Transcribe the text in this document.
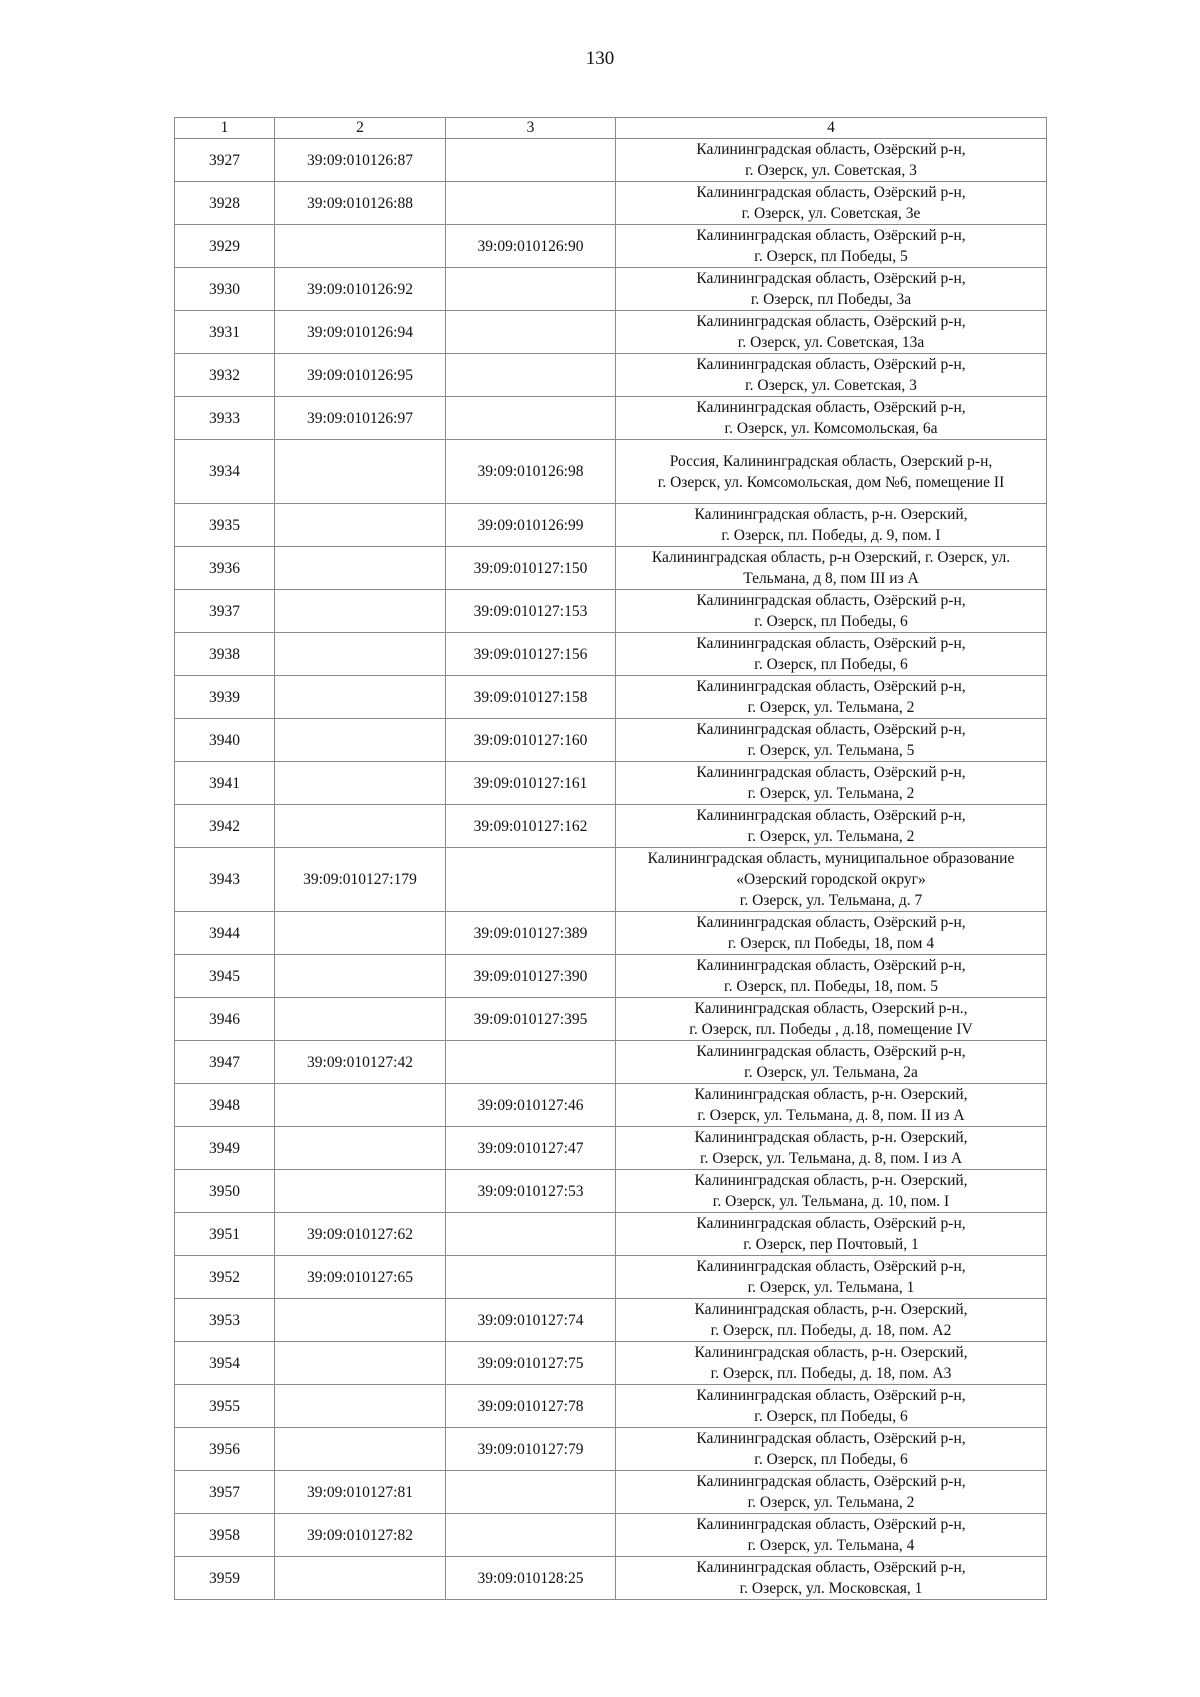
130
1	2	3	4
3927	39:09:010126:87		Калининградская область, Озёрский р-н,
г. Озерск, ул. Советская, 3

3928	39:09:010126:88		Калининградская область, Озёрский р-н,
г. Озерск, ул. Советская, 3е

3929		39:09:010126:90	Калининградская область, Озёрский р-н,
г. Озерск, пл Победы, 5

3930	39:09:010126:92		Калининградская область, Озёрский р-н,
г. Озерск, пл Победы, 3а

3931	39:09:010126:94		Калининградская область, Озёрский р-н,
г. Озерск, ул. Советская, 13а

3932	39:09:010126:95		Калининградская область, Озёрский р-н,
г. Озерск, ул. Советская, 3

3933	39:09:010126:97		Калининградская область, Озёрский р-н,
г. Озерск, ул. Комсомольская, 6а

3934		39:09:010126:98	Россия, Калининградская область, Озерский р-н,
г. Озерск, ул. Комсомольская, дом №6, помещение II

3935		39:09:010126:99	Калининградская область, р-н. Озерский,
г. Озерск, пл. Победы, д. 9, пом. I

3936		39:09:010127:150	Калининградская область, р-н Озерский, г. Озерск, ул.
Тельмана, д 8, пом III из А

3937		39:09:010127:153	Калининградская область, Озёрский р-н,
г. Озерск, пл Победы, 6

3938		39:09:010127:156	Калининградская область, Озёрский р-н,
г. Озерск, пл Победы, 6

3939		39:09:010127:158	Калининградская область, Озёрский р-н,
г. Озерск, ул. Тельмана, 2

3940		39:09:010127:160	Калининградская область, Озёрский р-н,
г. Озерск, ул. Тельмана, 5

3941		39:09:010127:161	Калининградская область, Озёрский р-н,
г. Озерск, ул. Тельмана, 2

3942		39:09:010127:162	Калининградская область, Озёрский р-н,
г. Озерск, ул. Тельмана, 2

3943	39:09:010127:179		Калининградская область, муниципальное образование
«Озерский городской округ»
г. Озерск, ул. Тельмана, д. 7

3944		39:09:010127:389	Калининградская область, Озёрский р-н,
г. Озерск, пл Победы, 18, пом 4

3945		39:09:010127:390	Калининградская область, Озёрский р-н,
г. Озерск, пл. Победы, 18, пом. 5

3946		39:09:010127:395	Калининградская область, Озерский р-н.,
г. Озерск, пл. Победы , д.18, помещение IV

3947	39:09:010127:42		Калининградская область, Озёрский р-н,
г. Озерск, ул. Тельмана, 2а

3948		39:09:010127:46	Калининградская область, р-н. Озерский,
г. Озерск, ул. Тельмана, д. 8, пом. II из А

3949		39:09:010127:47	Калининградская область, р-н. Озерский,
г. Озерск, ул. Тельмана, д. 8, пом. I из А

3950		39:09:010127:53	Калининградская область, р-н. Озерский,
г. Озерск, ул. Тельмана, д. 10, пом. I

3951	39:09:010127:62		Калининградская область, Озёрский р-н,
г. Озерск, пер Почтовый, 1

3952	39:09:010127:65		Калининградская область, Озёрский р-н,
г. Озерск, ул. Тельмана, 1

3953		39:09:010127:74	Калининградская область, р-н. Озерский,
г. Озерск, пл. Победы, д. 18, пом. А2

3954		39:09:010127:75	Калининградская область, р-н. Озерский,
г. Озерск, пл. Победы, д. 18, пом. А3

3955		39:09:010127:78	Калининградская область, Озёрский р-н,
г. Озерск, пл Победы, 6

3956		39:09:010127:79	Калининградская область, Озёрский р-н,
г. Озерск, пл Победы, 6

3957	39:09:010127:81		Калининградская область, Озёрский р-н,
г. Озерск, ул. Тельмана, 2

3958	39:09:010127:82		Калининградская область, Озёрский р-н,
г. Озерск, ул. Тельмана, 4

3959		39:09:010128:25	Калининградская область, Озёрский р-н,
г. Озерск, ул. Московская, 1
